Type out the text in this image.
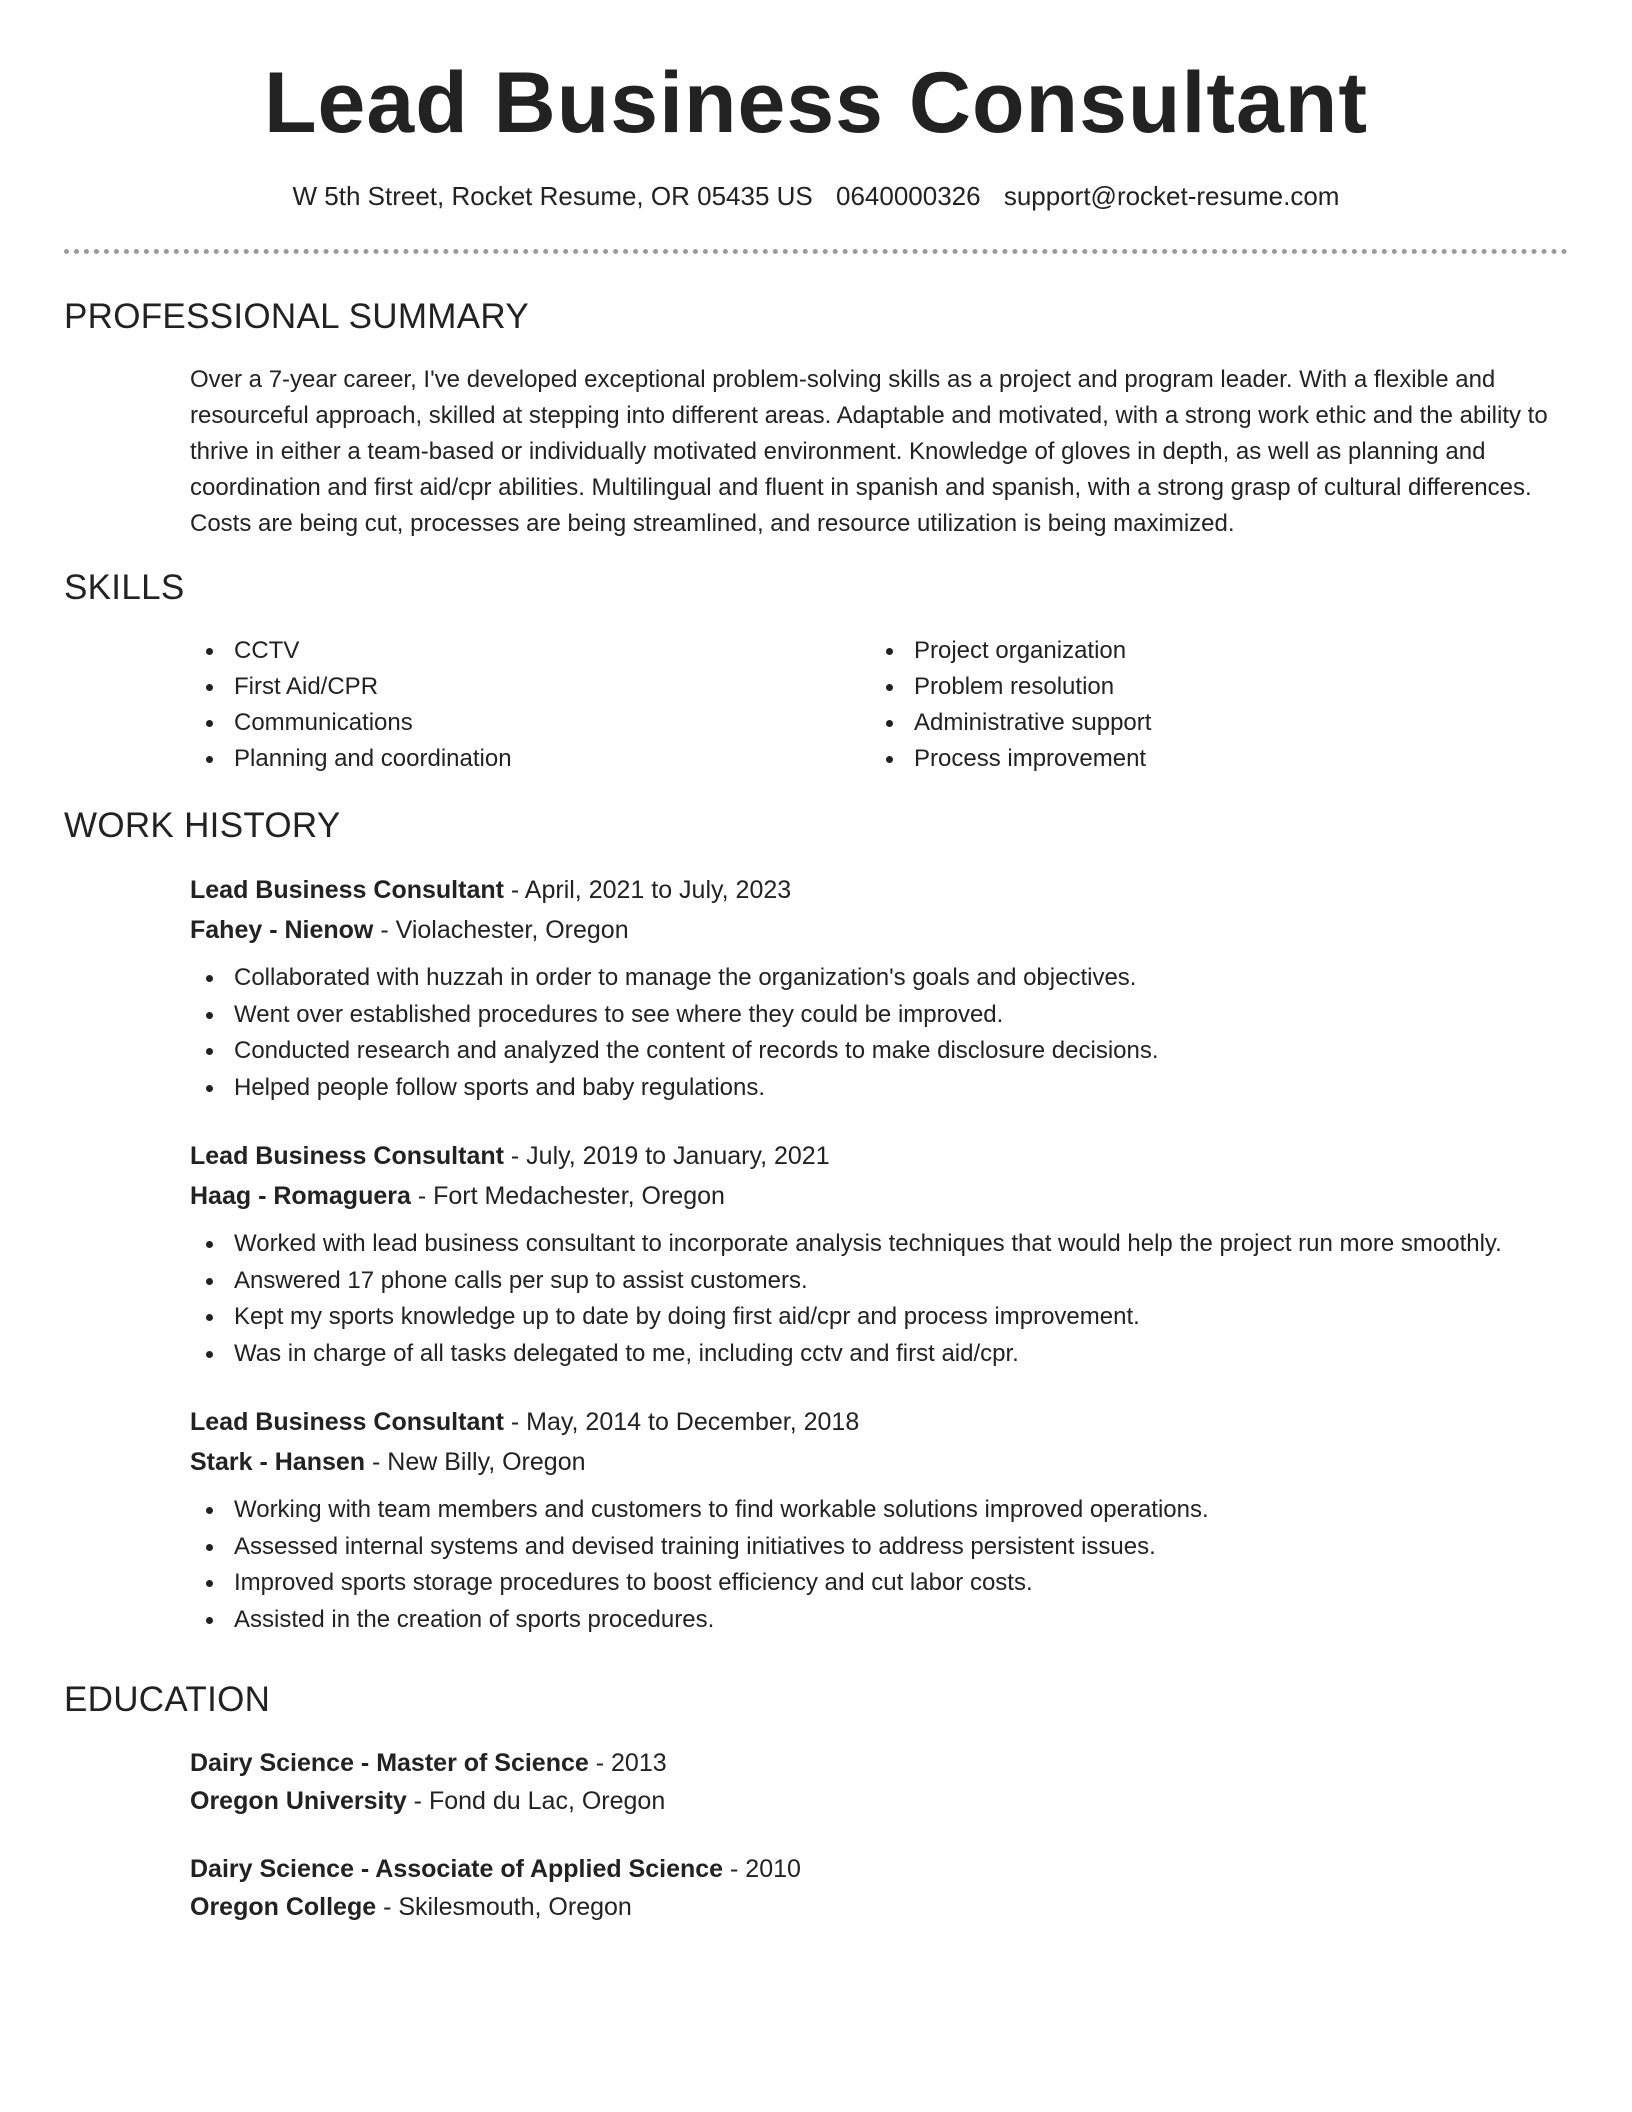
Lead Business Consultant
W 5th Street, Rocket Resume, OR 05435 US 0640000326 support@rocket-resume.com
PROFESSIONAL SUMMARY

Over a 7-year career, I've developed exceptional problem-solving skills as a project and program leader. With a flexible and resourceful approach, skilled at stepping into different areas. Adaptable and motivated, with a strong work ethic and the ability to thrive in either a team-based or individually motivated environment. Knowledge of gloves in depth, as well as planning and coordination and first aid/cpr abilities. Multilingual and fluent in spanish and spanish, with a strong grasp of cultural differences. Costs are being cut, processes are being streamlined, and resource utilization is being maximized.

SKILLS
CCTV
First Aid/CPR
Communications
Planning and coordination
Project organization
Problem resolution
Administrative support
Process improvement
WORK HISTORY
Lead Business Consultant - April, 2021 to July, 2023
Fahey - Nienow - Violachester, Oregon
Collaborated with huzzah in order to manage the organization's goals and objectives.
Went over established procedures to see where they could be improved.
Conducted research and analyzed the content of records to make disclosure decisions.
Helped people follow sports and baby regulations.
Lead Business Consultant - July, 2019 to January, 2021
Haag - Romaguera - Fort Medachester, Oregon
Worked with lead business consultant to incorporate analysis techniques that would help the project run more smoothly.
Answered 17 phone calls per sup to assist customers.
Kept my sports knowledge up to date by doing first aid/cpr and process improvement.
Was in charge of all tasks delegated to me, including cctv and first aid/cpr.
Lead Business Consultant - May, 2014 to December, 2018
Stark - Hansen - New Billy, Oregon
Working with team members and customers to find workable solutions improved operations.
Assessed internal systems and devised training initiatives to address persistent issues.
Improved sports storage procedures to boost efficiency and cut labor costs.
Assisted in the creation of sports procedures.
EDUCATION
Dairy Science - Master of Science - 2013
Oregon University - Fond du Lac, Oregon
Dairy Science - Associate of Applied Science - 2010
Oregon College - Skilesmouth, Oregon
